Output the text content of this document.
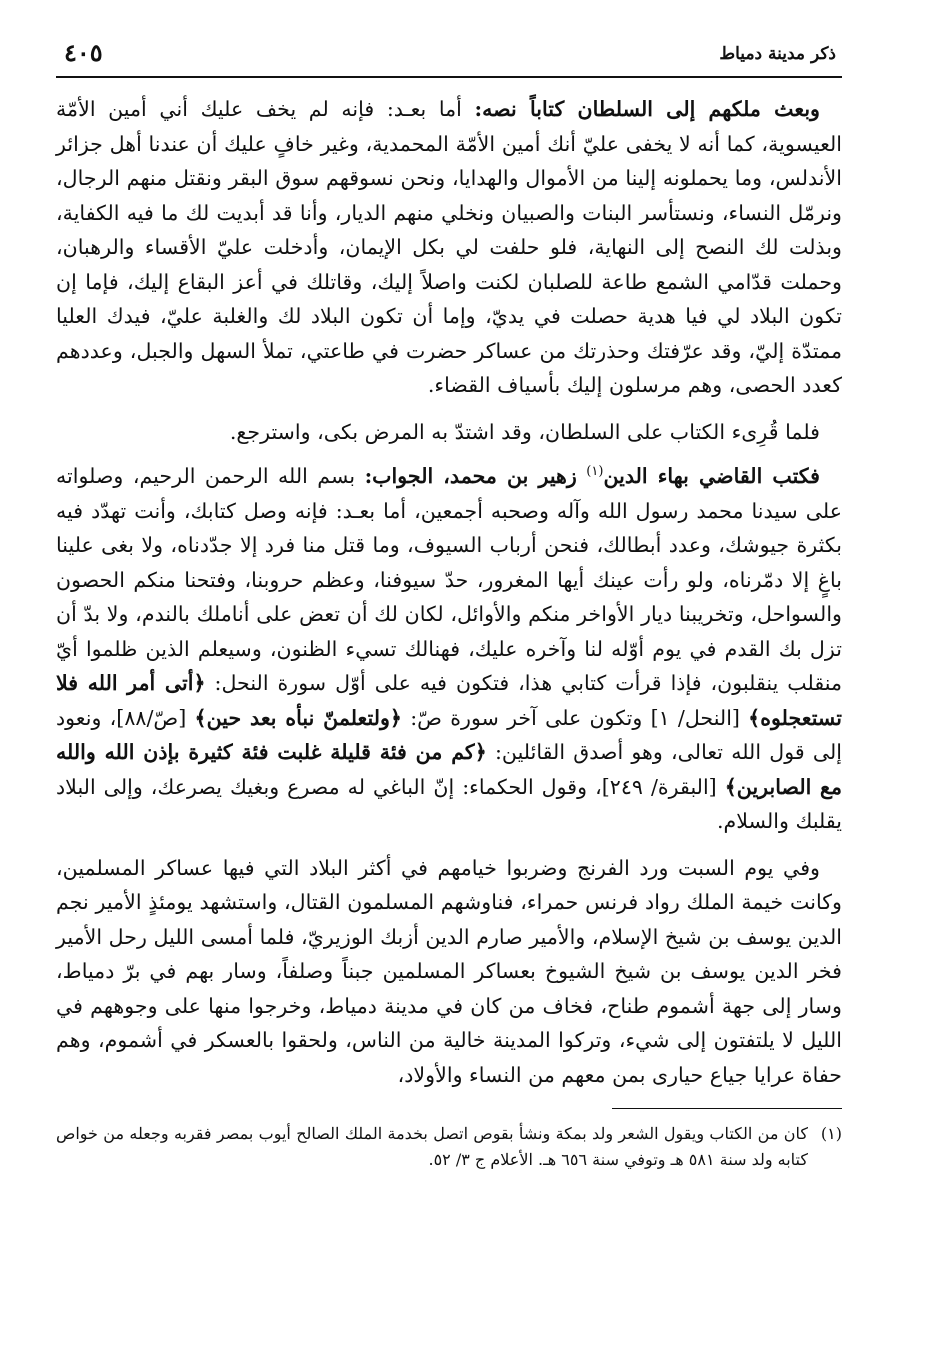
ذكر مدينة دمياط
٤٠٥

وبعث ملكهم إلى السلطان كتاباً نصه: أما بعـد: فإنه لم يخف عليك أني أمين الأمّة العيسوية، كما أنه لا يخفى عليّ أنك أمين الأمّة المحمدية، وغير خافٍ عليك أن عندنا أهل جزائر الأندلس، وما يحملونه إلينا من الأموال والهدايا، ونحن نسوقهم سوق البقر ونقتل منهم الرجال، ونرمّل النساء، ونستأسر البنات والصبيان ونخلي منهم الديار، وأنا قد أبديت لك ما فيه الكفاية، وبذلت لك النصح إلى النهاية، فلو حلفت لي بكل الإيمان، وأدخلت عليّ الأقساء والرهبان، وحملت قدّامي الشمع طاعة للصلبان لكنت واصلاً إليك، وقاتلك في أعز البقاع إليك، فإما إن تكون البلاد لي فيا هدية حصلت في يديّ، وإما أن تكون البلاد لك والغلبة عليّ، فيدك العليا ممتدّة إليّ، وقد عرّفتك وحذرتك من عساكر حضرت في طاعتي، تملأ السهل والجبل، وعددهم كعدد الحصى، وهم مرسلون إليك بأسياف القضاء.

فلما قُرِىء الكتاب على السلطان، وقد اشتدّ به المرض بكى، واسترجع.

فكتب القاضي بهاء الدين$^{(١)}$ زهير بن محمد، الجواب: بسم الله الرحمن الرحيم، وصلواته على سيدنا محمد رسول الله وآله وصحبه أجمعين، أما بعـد: فإنه وصل كتابك، وأنت تهدّد فيه بكثرة جيوشك، وعدد أبطالك، فنحن أرباب السيوف، وما قتل منا فرد إلا جدّدناه، ولا بغى علينا باغٍ إلا دمّرناه، ولو رأت عينك أيها المغرور، حدّ سيوفنا، وعظم حروبنا، وفتحنا منكم الحصون والسواحل، وتخريبنا ديار الأواخر منكم والأوائل، لكان لك أن تعض على أناملك بالندم، ولا بدّ أن تزل بك القدم في يوم أوّله لنا وآخره عليك، فهنالك تسيء الظنون، وسيعلم الذين ظلموا أيّ منقلب ينقلبون، فإذا قرأت كتابي هذا، فتكون فيه على أوّل سورة النحل: ﴿أتى أمر الله فلا تستعجلوه﴾ [النحل/ ١] وتكون على آخر سورة صّ: ﴿ولتعلمنّ نبأه بعد حين﴾ [صّ/٨٨]، ونعود إلى قول الله تعالى، وهو أصدق القائلين: ﴿كم من فئة قليلة غلبت فئة كثيرة بإذن الله والله مع الصابرين﴾ [البقرة/ ٢٤٩]، وقول الحكماء: إنّ الباغي له مصرع وبغيك يصرعك، وإلى البلاد يقلبك والسلام.

وفي يوم السبت ورد الفرنج وضربوا خيامهم في أكثر البلاد التي فيها عساكر المسلمين، وكانت خيمة الملك رواد فرنس حمراء، فناوشهم المسلمون القتال، واستشهد يومئذٍ الأمير نجم الدين يوسف بن شيخ الإسلام، والأمير صارم الدين أزبك الوزيريّ، فلما أمسى الليل رحل الأمير فخر الدين يوسف بن شيخ الشيوخ بعساكر المسلمين جبناً وصلفاً، وسار بهم في برّ دمياط، وسار إلى جهة أشموم طناح، فخاف من كان في مدينة دمياط، وخرجوا منها على وجوههم في الليل لا يلتفتون إلى شيء، وتركوا المدينة خالية من الناس، ولحقوا بالعسكر في أشموم، وهم حفاة عرايا جياع حيارى بمن معهم من النساء والأولاد،

(١)
كان من الكتاب ويقول الشعر ولد بمكة ونشأ بقوص اتصل بخدمة الملك الصالح أيوب بمصر فقربه وجعله من خواص كتابه ولد سنة ٥٨١ هـ وتوفي سنة ٦٥٦ هـ. الأعلام ج ٣/ ٥٢.
